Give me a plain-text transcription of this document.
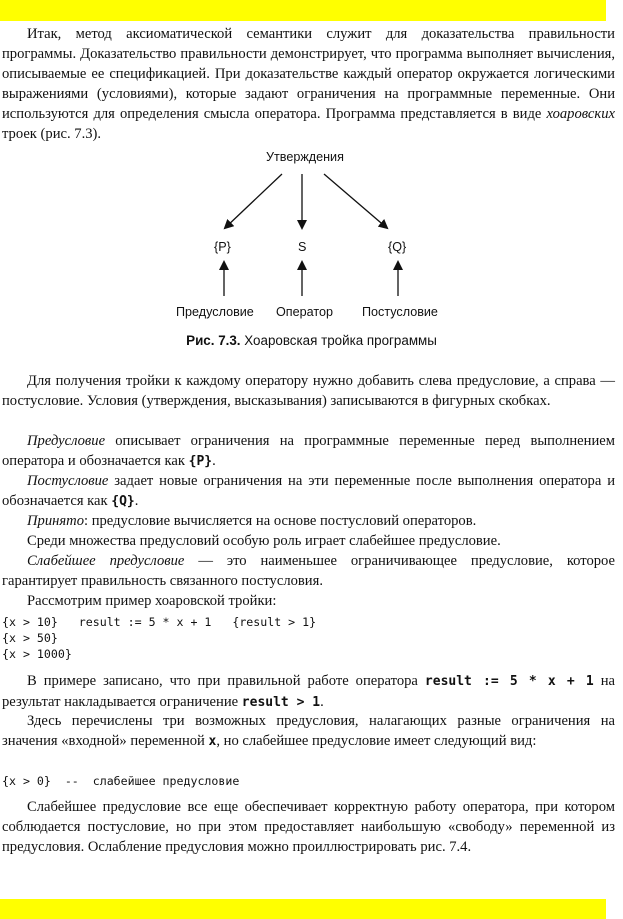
Итак, метод аксиоматической семантики служит для доказательства правильности программы. Доказательство правильности демонстрирует, что программа выполняет вычисления, описываемые ее спецификацией. При доказательстве каждый оператор окружается логическими выражениями (условиями), которые задают ограничения на программные переменные. Они используются для определения смысла оператора. Программа представляется в виде хоаровских троек (рис. 7.3).
Утверждения
{P}	S	{Q}
Предусловие Оператор Постусловие
Рис. 7.3. Хоаровская тройка программы
Для получения тройки к каждому оператору нужно добавить слева предусловие, а справа — постусловие. Условия (утверждения, высказывания) записываются в фигурных скобках.
Предусловие описывает ограничения на программные переменные перед выполнением оператора и обозначается как {P}.
Постусловие задает новые ограничения на эти переменные после выполнения оператора и обозначается как {Q}.
Принято: предусловие вычисляется на основе постусловий операторов.
Среди множества предусловий особую роль играет слабейшее предусловие.
Слабейшее предусловие — это наименьшее ограничивающее предусловие, которое гарантирует правильность связанного постусловия.
Рассмотрим пример хоаровской тройки:
{x > 10}   result := 5 * x + 1   {result > 1}
{x > 50}
{x > 1000}
В примере записано, что при правильной работе оператора result := 5 * x + 1 на результат накладывается ограничение result > 1.
Здесь перечислены три возможных предусловия, налагающих разные ограничения на значения «входной» переменной x, но слабейшее предусловие имеет следующий вид:
{x > 0}  --  слабейшее предусловие
Слабейшее предусловие все еще обеспечивает корректную работу оператора, при котором соблюдается постусловие, но при этом предоставляет наибольшую «свободу» переменной из предусловия. Ослабление предусловия можно проиллюстрировать рис. 7.4.
